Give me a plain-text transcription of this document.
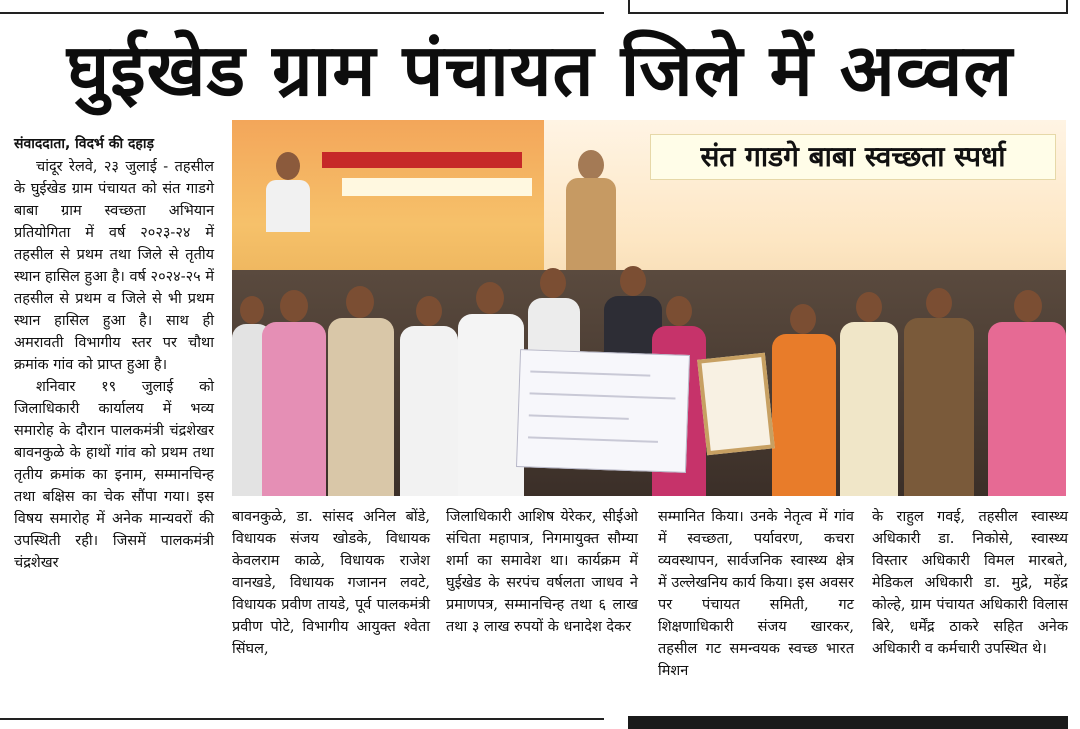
घुईखेड ग्राम पंचायत जिले में अव्वल
संवाददाता, विदर्भ की दहाड़	संत गाडगे बाबा स्वच्छता स्पर्धा

चांदूर रेलवे, २३ जुलाई - तहसील के घुईखेड ग्राम पंचायत को संत गाडगे बाबा ग्राम स्वच्छता अभियान प्रतियोगिता में वर्ष २०२३-२४ में तहसील से प्रथम तथा जिले से तृतीय स्थान हासिल हुआ है। वर्ष २०२४-२५ में तहसील से प्रथम व जिले से भी प्रथम स्थान हासिल हुआ है। साथ ही अमरावती विभागीय स्तर पर चौथा क्रमांक गांव को प्राप्त हुआ है।

शनिवार १९ जुलाई को जिलाधिकारी कार्यालय में भव्य समारोह के दौरान पालकमंत्री चंद्रशेखर बावनकुळे के हाथों गांव को प्रथम तथा तृतीय क्रमांक का इनाम, सम्मानचिन्ह तथा बक्षिस का चेक सौंपा गया। इस विषय समारोह में अनेक मान्यवरों की उपस्थिती रही। जिसमें पालकमंत्री चंद्रशेखर

बावनकुळे, डा. सांसद अनिल बोंडे, विधायक संजय खोडके, विधायक केवलराम काळे, विधायक राजेश वानखडे, विधायक गजानन लवटे, विधायक प्रवीण तायडे, पूर्व पालकमंत्री प्रवीण पोटे, विभागीय आयुक्त श्वेता सिंघल,

जिलाधिकारी आशिष येरेकर, सीईओ संचिता महापात्र, निगमायुक्त सौम्या शर्मा का समावेश था। कार्यक्रम में घुईखेड के सरपंच वर्षलता जाधव ने प्रमाणपत्र, सम्मानचिन्ह तथा ६ लाख तथा ३ लाख रुपयों के धनादेश देकर

सम्मानित किया। उनके नेतृत्व में गांव में स्वच्छता, पर्यावरण, कचरा व्यवस्थापन, सार्वजनिक स्वास्थ्य क्षेत्र में उल्लेखनिय कार्य किया। इस अवसर पर पंचायत समिती, गट शिक्षणाधिकारी संजय खारकर, तहसील गट समन्वयक स्वच्छ भारत मिशन

के राहुल गवई, तहसील स्वास्थ्य अधिकारी डा. निकोसे, स्वास्थ्य विस्तार अधिकारी विमल मारबते, मेडिकल अधिकारी डा. मुद्रे, महेंद्र कोल्हे, ग्राम पंचायत अधिकारी विलास बिरे, धर्मेंद्र ठाकरे सहित अनेक अधिकारी व कर्मचारी उपस्थित थे।
